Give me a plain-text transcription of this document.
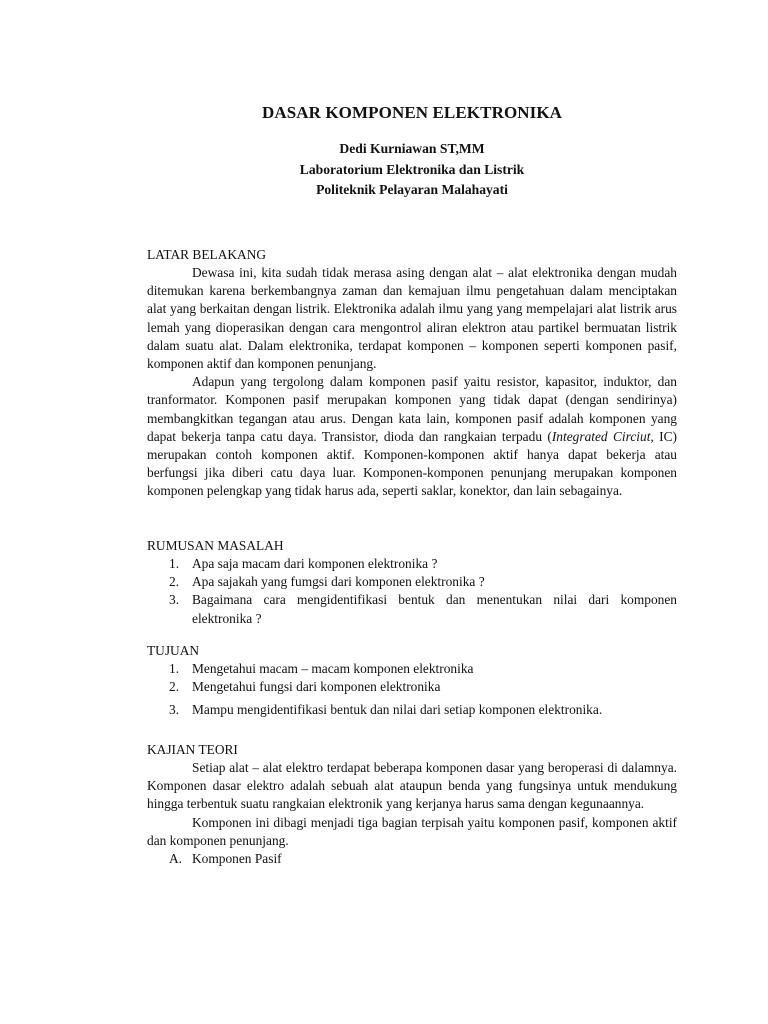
DASAR KOMPONEN ELEKTRONIKA
Dedi Kurniawan ST,MM
Laboratorium Elektronika dan Listrik
Politeknik Pelayaran Malahayati

LATAR BELAKANG

Dewasa ini, kita sudah tidak merasa asing dengan alat – alat elektronika dengan mudah ditemukan karena berkembangnya zaman dan kemajuan ilmu pengetahuan dalam menciptakan alat yang berkaitan dengan listrik. Elektronika adalah ilmu yang yang mempelajari alat listrik arus lemah yang dioperasikan dengan cara mengontrol aliran elektron atau partikel bermuatan listrik dalam suatu alat. Dalam elektronika, terdapat komponen – komponen seperti komponen pasif, komponen aktif dan komponen penunjang.

Adapun yang tergolong dalam komponen pasif yaitu resistor, kapasitor, induktor, dan tranformator. Komponen pasif merupakan komponen yang tidak dapat (dengan sendirinya) membangkitkan tegangan atau arus. Dengan kata lain, komponen pasif adalah komponen yang dapat bekerja tanpa catu daya. Transistor, dioda dan rangkaian terpadu (Integrated Circiut, IC) merupakan contoh komponen aktif. Komponen-komponen aktif hanya dapat bekerja atau berfungsi jika diberi catu daya luar. Komponen-komponen penunjang merupakan komponen komponen pelengkap yang tidak harus ada, seperti saklar, konektor, dan lain sebagainya.

RUMUSAN MASALAH

1. Apa saja macam dari komponen elektronika ?
2. Apa sajakah yang fumgsi dari komponen elektronika ?
3. Bagaimana cara mengidentifikasi bentuk dan menentukan nilai dari komponen elektronika ?

TUJUAN

1. Mengetahui macam – macam komponen elektronika
2. Mengetahui fungsi dari komponen elektronika
3. Mampu mengidentifikasi bentuk dan nilai dari setiap komponen elektronika.

KAJIAN TEORI

Setiap alat – alat elektro terdapat beberapa komponen dasar yang beroperasi di dalamnya. Komponen dasar elektro adalah sebuah alat ataupun benda yang fungsinya untuk mendukung hingga terbentuk suatu rangkaian elektronik yang kerjanya harus sama dengan kegunaannya.

Komponen ini dibagi menjadi tiga bagian terpisah yaitu komponen pasif, komponen aktif dan komponen penunjang.

A. Komponen Pasif
